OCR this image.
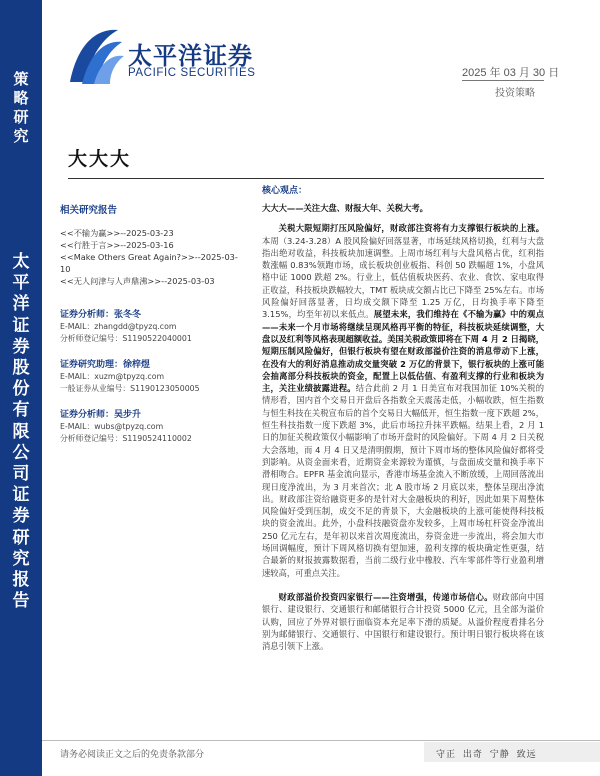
策略研究
太平洋证券股份有限公司证券研究报告
太平洋证券
PACIFIC SECURITIES	2025 年 03 月 30 日
投资策略
大大大
核心观点：
相关研究报告
<<不输为赢>>--2025-03-23
<<行胜于言>>--2025-03-16
<<Make Others Great Again?>>--2025-03-10
<<无人问津与人声鼎沸>>--2025-03-03
证券分析师：张冬冬
E-MAIL：zhangdd@tpyzq.com
分析师登记编号：S1190522040001
证券研究助理：徐梓煜
E-MAIL：xuzm@tpyzq.com
一般证券从业编号：S1190123050005
证券分析师：吴步升
E-MAIL：wubs@tpyzq.com
分析师登记编号：S1190524110002

大大大——关注大盘、财报大年、关税大考。

关税大限短期打压风险偏好，财政部注资将有力支撑银行板块的上涨。本周（3.24-3.28）A 股风险偏好回落显著，市场延续风格切换，红利与大盘指出绝对收益，科技板块加速调整。上周市场红利与大盘风格占优，红利指数涨幅 0.83%领跑市场，成长板块创业板指、科创 50 跌幅超 1%，小盘风格中证 1000 跌超 2%。行业上，低估值板块医药、农业、食饮、家电取得正收益，科技板块跌幅较大，TMT 板块成交额占比已下降至 25%左右。市场风险偏好回落显著，日均成交额下降至 1.25 万亿，日均换手率下降至 3.15%，均至年初以来低点。展望未来，我们维持在《不输为赢》中的观点——未来一个月市场将继续呈现风格再平衡的特征，科技板块延续调整，大盘以及红利等风格表现超额收益。美国关税政策即将在下周 4 月 2 日揭晓，短期压制风险偏好，但银行板块有望在财政部溢价注资的消息带动下上涨，在没有大的利好消息推动成交量突破 2 万亿的背景下，银行板块的上涨可能会抽离部分科技板块的资金，配置上以低估值、有盈利支撑的行业和板块为主，关注业绩披露进程。结合此前 2 月 1 日美宣布对我国加征 10%关税的情形看，国内首个交易日开盘后各指数全天震荡走低，小幅收跌，恒生指数与恒生科技在关税宣布后的首个交易日大幅低开，恒生指数一度下跌超 2%，恒生科技指数一度下跌超 3%，此后市场拉升抹平跌幅。结果上看，2 月 1 日的加征关税政策仅小幅影响了市场开盘时的风险偏好。下周 4 月 2 日关税大会落地，而 4 月 4 日又是清明假期，预计下周市场的整体风险偏好都将受到影响。从资金面来看，近期资金来源较为谨慎，与盘面成交量和换手率下滑相吻合。EPFR 基金流向显示，香港市场基金流入不断放缓，上周回落流出现日度净流出，为 3 月来首次；北 A 股市场 2 月底以来，整体呈现出净流出。财政部注资给融资更多的是针对大金融板块的利好，因此如果下周整体风险偏好受到压制，成交不足的背景下，大金融板块的上涨可能使得科技板块的资金流出。此外，小盘科技融资盘亦发较多，上周市场杠杆资金净流出 250 亿元左右，是年初以来首次周度流出，券资金进一步流出，将会加大市场回调幅度，预计下周风格切换有望加速，盈利支撑的板块确定性更强，结合最新的财报披露数据看，当前二级行业中橡胶、汽车零部件等行业盈利增速较高，可重点关注。

财政部溢价投资四家银行——注资增强，传递市场信心。财政部向中国银行、建设银行、交通银行和邮储银行合计投资 5000 亿元，且全部为溢价认购，回应了外界对银行面临资本充足率下滑的质疑。从溢价程度看排名分别为邮储银行、交通银行、中国银行和建设银行。预计明日银行板块将在该消息引领下上涨。

请务必阅读正文之后的免责条款部分	守正 出奇 宁静 致远
